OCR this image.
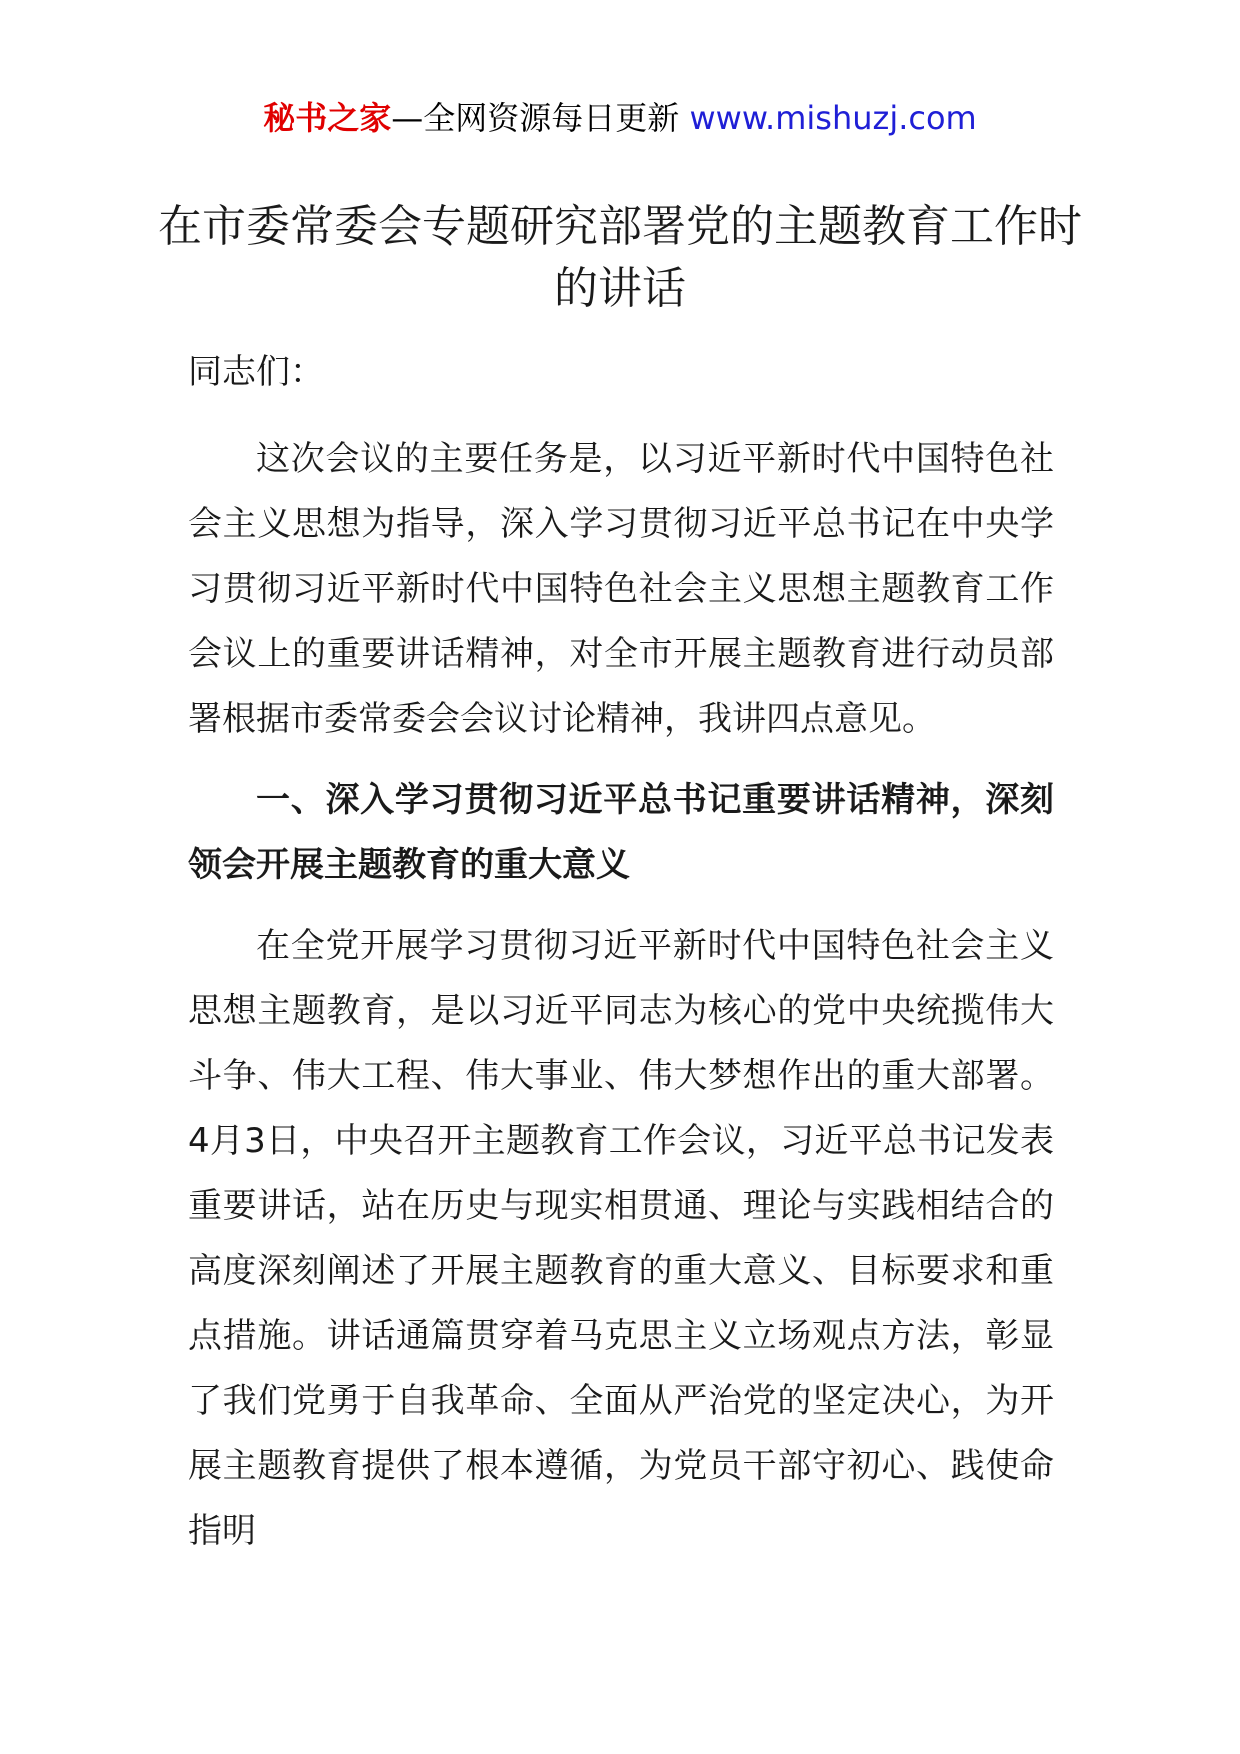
秘书之家—全网资源每日更新 www.mishuzj.com
在市委常委会专题研究部署党的主题教育工作时的讲话

同志们：

这次会议的主要任务是，以习近平新时代中国特色社会主义思想为指导，深入学习贯彻习近平总书记在中央学习贯彻习近平新时代中国特色社会主义思想主题教育工作会议上的重要讲话精神，对全市开展主题教育进行动员部署根据市委常委会会议讨论精神，我讲四点意见。

一、深入学习贯彻习近平总书记重要讲话精神，深刻领会开展主题教育的重大意义

在全党开展学习贯彻习近平新时代中国特色社会主义思想主题教育，是以习近平同志为核心的党中央统揽伟大斗争、伟大工程、伟大事业、伟大梦想作出的重大部署。4月3日，中央召开主题教育工作会议，习近平总书记发表重要讲话，站在历史与现实相贯通、理论与实践相结合的高度深刻阐述了开展主题教育的重大意义、目标要求和重点措施。讲话通篇贯穿着马克思主义立场观点方法，彰显了我们党勇于自我革命、全面从严治党的坚定决心，为开展主题教育提供了根本遵循，为党员干部守初心、践使命指明
